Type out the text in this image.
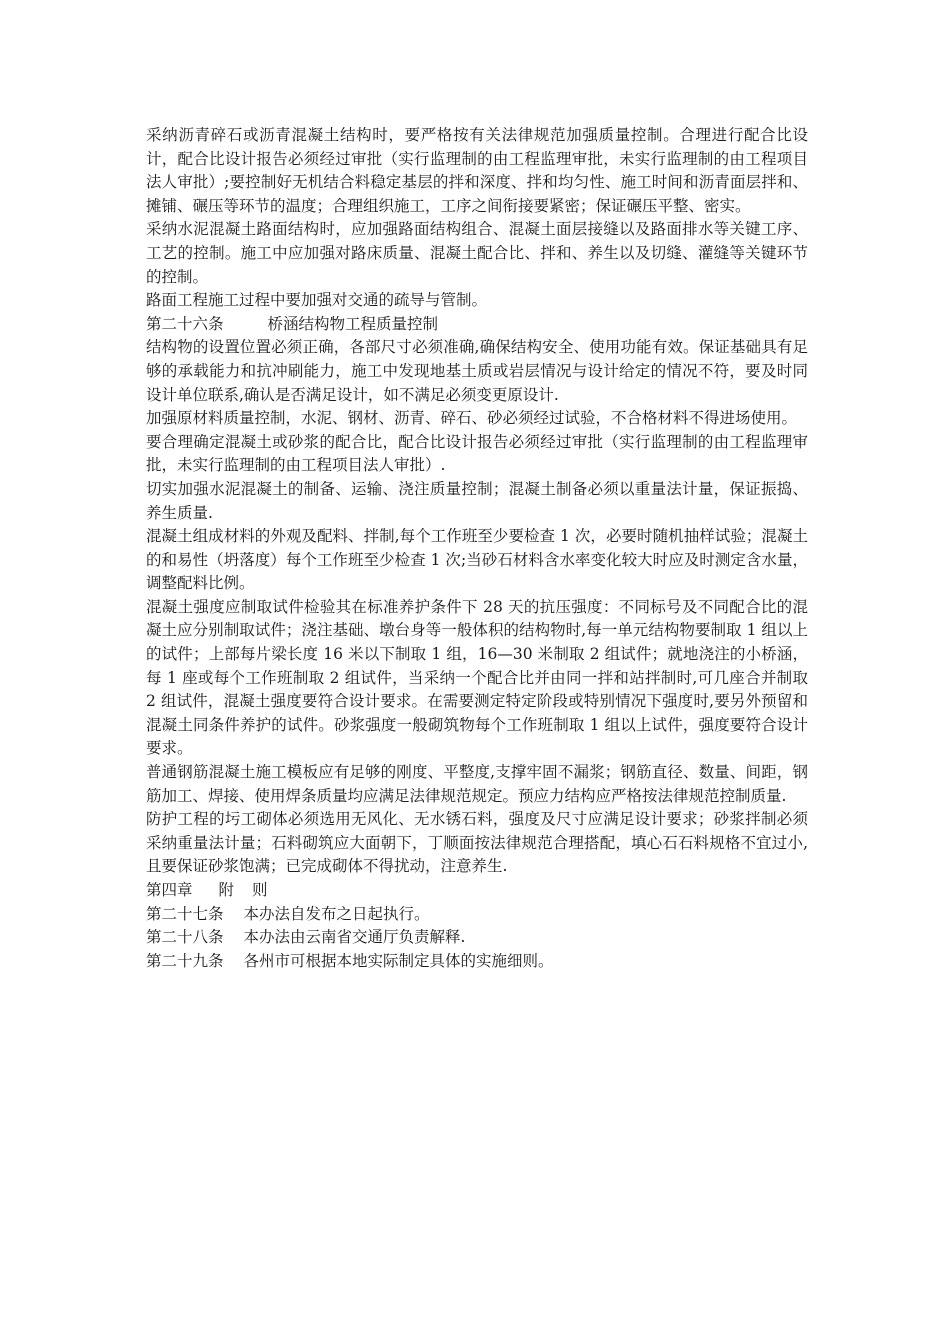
采纳沥青碎石或沥青混凝土结构时，要严格按有关法律规范加强质量控制。合理进行配合比设计，配合比设计报告必须经过审批（实行监理制的由工程监理审批，未实行监理制的由工程项目法人审批）;要控制好无机结合料稳定基层的拌和深度、拌和均匀性、施工时间和沥青面层拌和、摊铺、碾压等环节的温度；合理组织施工，工序之间衔接要紧密；保证碾压平整、密实。

采纳水泥混凝土路面结构时，应加强路面结构组合、混凝土面层接缝以及路面排水等关键工序、工艺的控制。施工中应加强对路床质量、混凝土配合比、拌和、养生以及切缝、灌缝等关键环节的控制。

路面工程施工过程中要加强对交通的疏导与管制。

第二十六条	桥涵结构物工程质量控制

结构物的设置位置必须正确，各部尺寸必须准确,确保结构安全、使用功能有效。保证基础具有足够的承载能力和抗冲刷能力，施工中发现地基土质或岩层情况与设计给定的情况不符，要及时同设计单位联系,确认是否满足设计，如不满足必须变更原设计.

加强原材料质量控制，水泥、钢材、沥青、碎石、砂必须经过试验，不合格材料不得进场使用。

要合理确定混凝土或砂浆的配合比，配合比设计报告必须经过审批（实行监理制的由工程监理审批，未实行监理制的由工程项目法人审批）.

切实加强水泥混凝土的制备、运输、浇注质量控制；混凝土制备必须以重量法计量，保证振捣、养生质量.

混凝土组成材料的外观及配料、拌制,每个工作班至少要检查 1 次，必要时随机抽样试验；混凝土的和易性（坍落度）每个工作班至少检查 1 次;当砂石材料含水率变化较大时应及时测定含水量，调整配料比例。

混凝土强度应制取试件检验其在标准养护条件下 28 天的抗压强度：不同标号及不同配合比的混凝土应分别制取试件；浇注基础、墩台身等一般体积的结构物时,每一单元结构物要制取 1 组以上的试件；上部每片梁长度 16 米以下制取 1 组，16—30 米制取 2 组试件；就地浇注的小桥涵，每 1 座或每个工作班制取 2 组试件，当采纳一个配合比并由同一拌和站拌制时,可几座合并制取 2 组试件，混凝土强度要符合设计要求。在需要测定特定阶段或特别情况下强度时,要另外预留和混凝土同条件养护的试件。砂浆强度一般砌筑物每个工作班制取 1 组以上试件，强度要符合设计要求。

普通钢筋混凝土施工模板应有足够的刚度、平整度,支撑牢固不漏浆；钢筋直径、数量、间距，钢筋加工、焊接、使用焊条质量均应满足法律规范规定。预应力结构应严格按法律规范控制质量.

防护工程的圬工砌体必须选用无风化、无水锈石料，强度及尺寸应满足设计要求；砂浆拌制必须采纳重量法计量；石料砌筑应大面朝下，丁顺面按法律规范合理搭配，填心石石料规格不宜过小,且要保证砂浆饱满；已完成砌体不得扰动，注意养生.

第四章 附 则

第二十七条 本办法自发布之日起执行。

第二十八条 本办法由云南省交通厅负责解释.

第二十九条 各州市可根据本地实际制定具体的实施细则。
